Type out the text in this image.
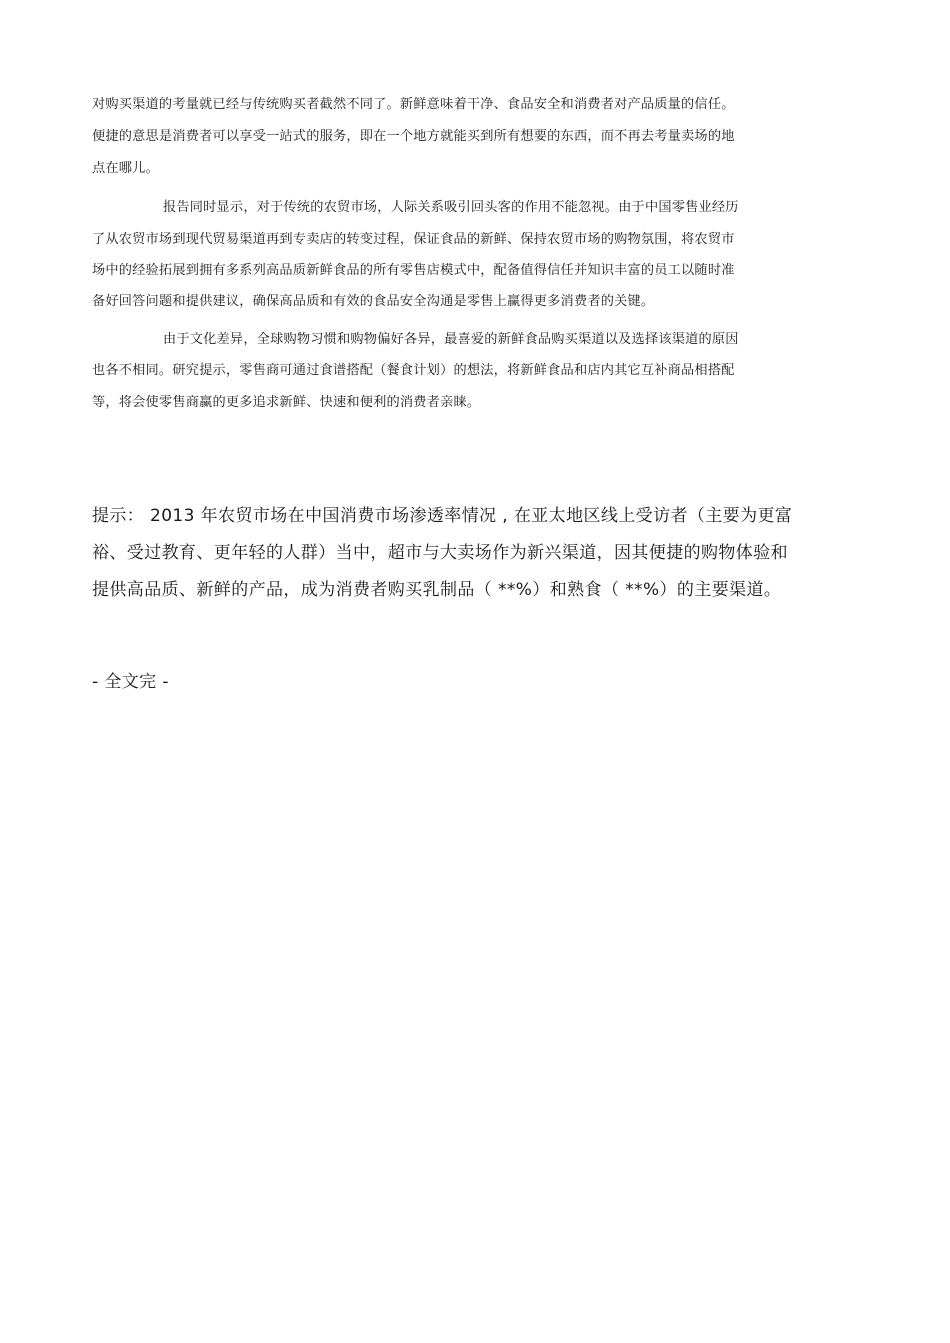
对购买渠道的考量就已经与传统购买者截然不同了。新鲜意味着干净、食品安全和消费者对产品质量的信任。

便捷的意思是消费者可以享受一站式的服务，即在一个地方就能买到所有想要的东西，而不再去考量卖场的地

点在哪儿。

报告同时显示，对于传统的农贸市场，人际关系吸引回头客的作用不能忽视。由于中国零售业经历

了从农贸市场到现代贸易渠道再到专卖店的转变过程，保证食品的新鲜、保持农贸市场的购物氛围，将农贸市

场中的经验拓展到拥有多系列高品质新鲜食品的所有零售店模式中，配备值得信任并知识丰富的员工以随时准

备好回答问题和提供建议，确保高品质和有效的食品安全沟通是零售上赢得更多消费者的关键。

由于文化差异，全球购物习惯和购物偏好各异，最喜爱的新鲜食品购买渠道以及选择该渠道的原因

也各不相同。研究提示，零售商可通过食谱搭配（餐食计划）的想法，将新鲜食品和店内其它互补商品相搭配

等，将会使零售商赢的更多追求新鲜、快速和便利的消费者亲睐。

提示： 2013 年农贸市场在中国消费市场渗透率情况 , 在亚太地区线上受访者（主要为更富

裕、受过教育、更年轻的人群）当中，超市与大卖场作为新兴渠道，因其便捷的购物体验和

提供高品质、新鲜的产品，成为消费者购买乳制品（ **%）和熟食（ **%）的主要渠道。

- 全文完 -
